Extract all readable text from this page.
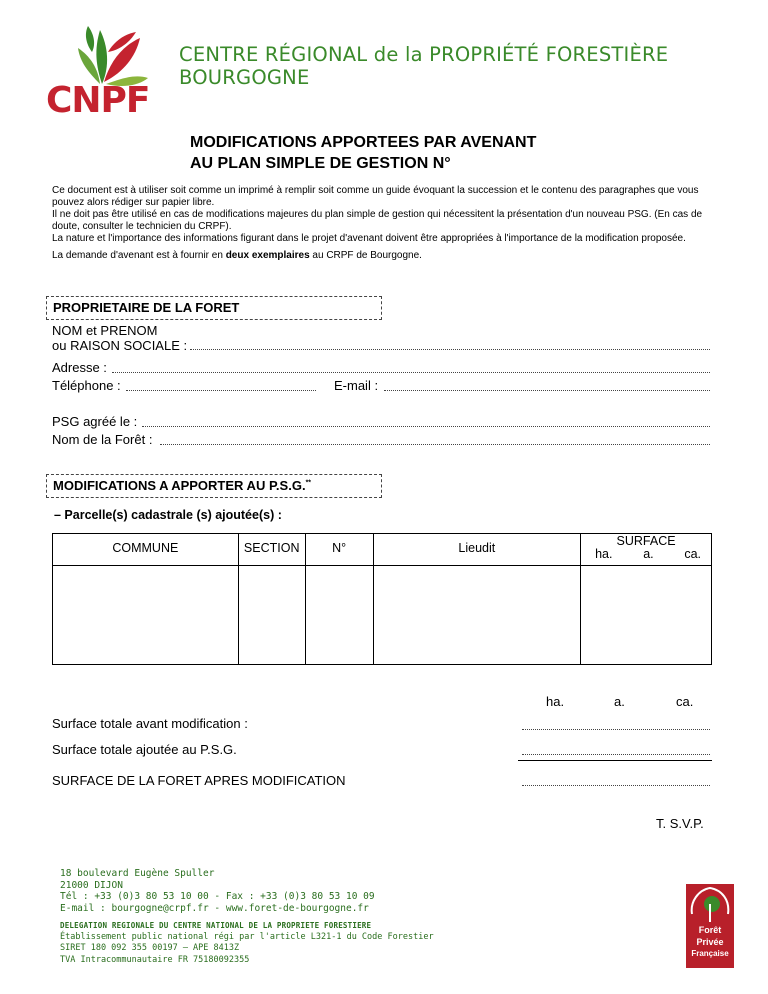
CNPF
CENTRE RÉGIONAL de la PROPRIÉTÉ FORESTIÈRE
BOURGOGNE
MODIFICATIONS APPORTEES PAR AVENANT
AU PLAN SIMPLE DE GESTION N°

Ce document est à utiliser soit comme un imprimé à remplir soit comme un guide évoquant la succession et le contenu des paragraphes que vous pouvez alors rédiger sur papier libre.

Il ne doit pas être utilisé en cas de modifications majeures du plan simple de gestion qui nécessitent la présentation d'un nouveau PSG. (En cas de doute, consulter le technicien du CRPF).

La nature et l'importance des informations figurant dans le projet d'avenant doivent être appropriées à l'importance de la modification proposée.

La demande d'avenant est à fournir en deux exemplaires au CRPF de Bourgogne.

PROPRIETAIRE DE LA FORET
NOM et PRENOM
ou RAISON SOCIALE :
Adresse :
Téléphone :	E-mail :
PSG agréé le :
Nom de la Forêt :
MODIFICATIONS A APPORTER AU P.S.G.**
– Parcelle(s) cadastrale (s) ajoutée(s) :
COMMUNE	SECTION	N°	Lieudit	SURFACE
ha. a. ca.

ha.	a.	ca.
Surface totale avant modification :
Surface totale ajoutée au P.S.G.
SURFACE DE LA FORET APRES MODIFICATION
T. S.V.P.
18 boulevard Eugène Spuller
21000 DIJON
Tél : +33 (0)3 80 53 10 00 - Fax : +33 (0)3 80 53 10 09
E-mail : bourgogne@crpf.fr - www.foret-de-bourgogne.fr
DELEGATION REGIONALE DU CENTRE NATIONAL DE LA PROPRIETE FORESTIERE
Établissement public national régi par l'article L321-1 du Code Forestier
SIRET 180 092 355 00197 – APE 8413Z
TVA Intracommunautaire FR 75180092355
Forêt
Privée
Française
